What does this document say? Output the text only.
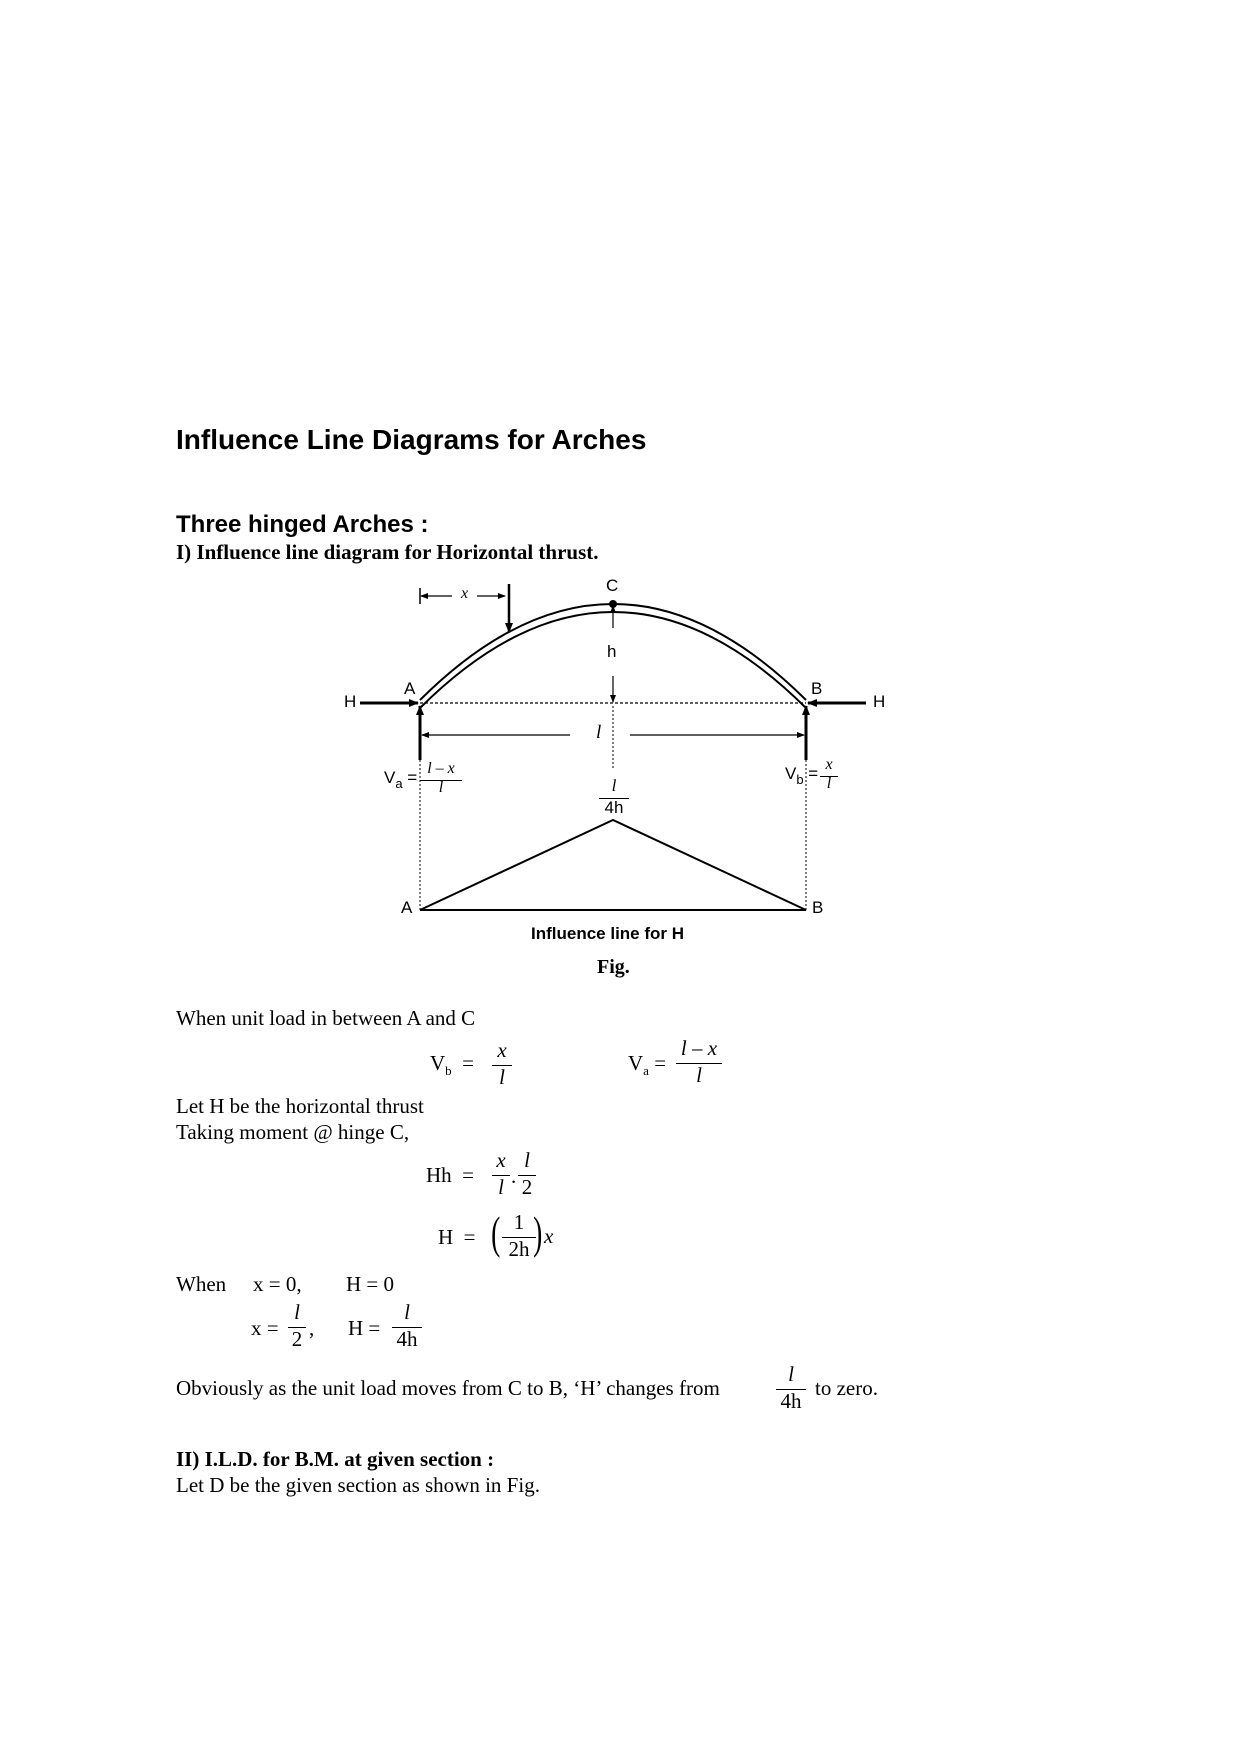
Influence Line Diagrams for Arches
Three hinged Arches :
I) Influence line diagram for Horizontal thrust.
x	C
h
A	B
H	H
l
$V_a = l - x$
l
$V_b = x$
l
l
4h
A	B
Influence line for H
Fig.
When unit load in between A and C
$V_b$  =
x
l
$V_a$ =
l – x
l
Let H be the horizontal thrust
Taking moment @ hinge C,
Hh  =
x
l .
l
2
H  = ( 1
2h ) x
When x = 0, H = 0
x =
l
2 , H =
l
4h
Obviously as the unit load moves from C to B, ‘H’ changes from
l
4h
to zero.
II) I.L.D. for B.M. at given section :
Let D be the given section as shown in Fig.
